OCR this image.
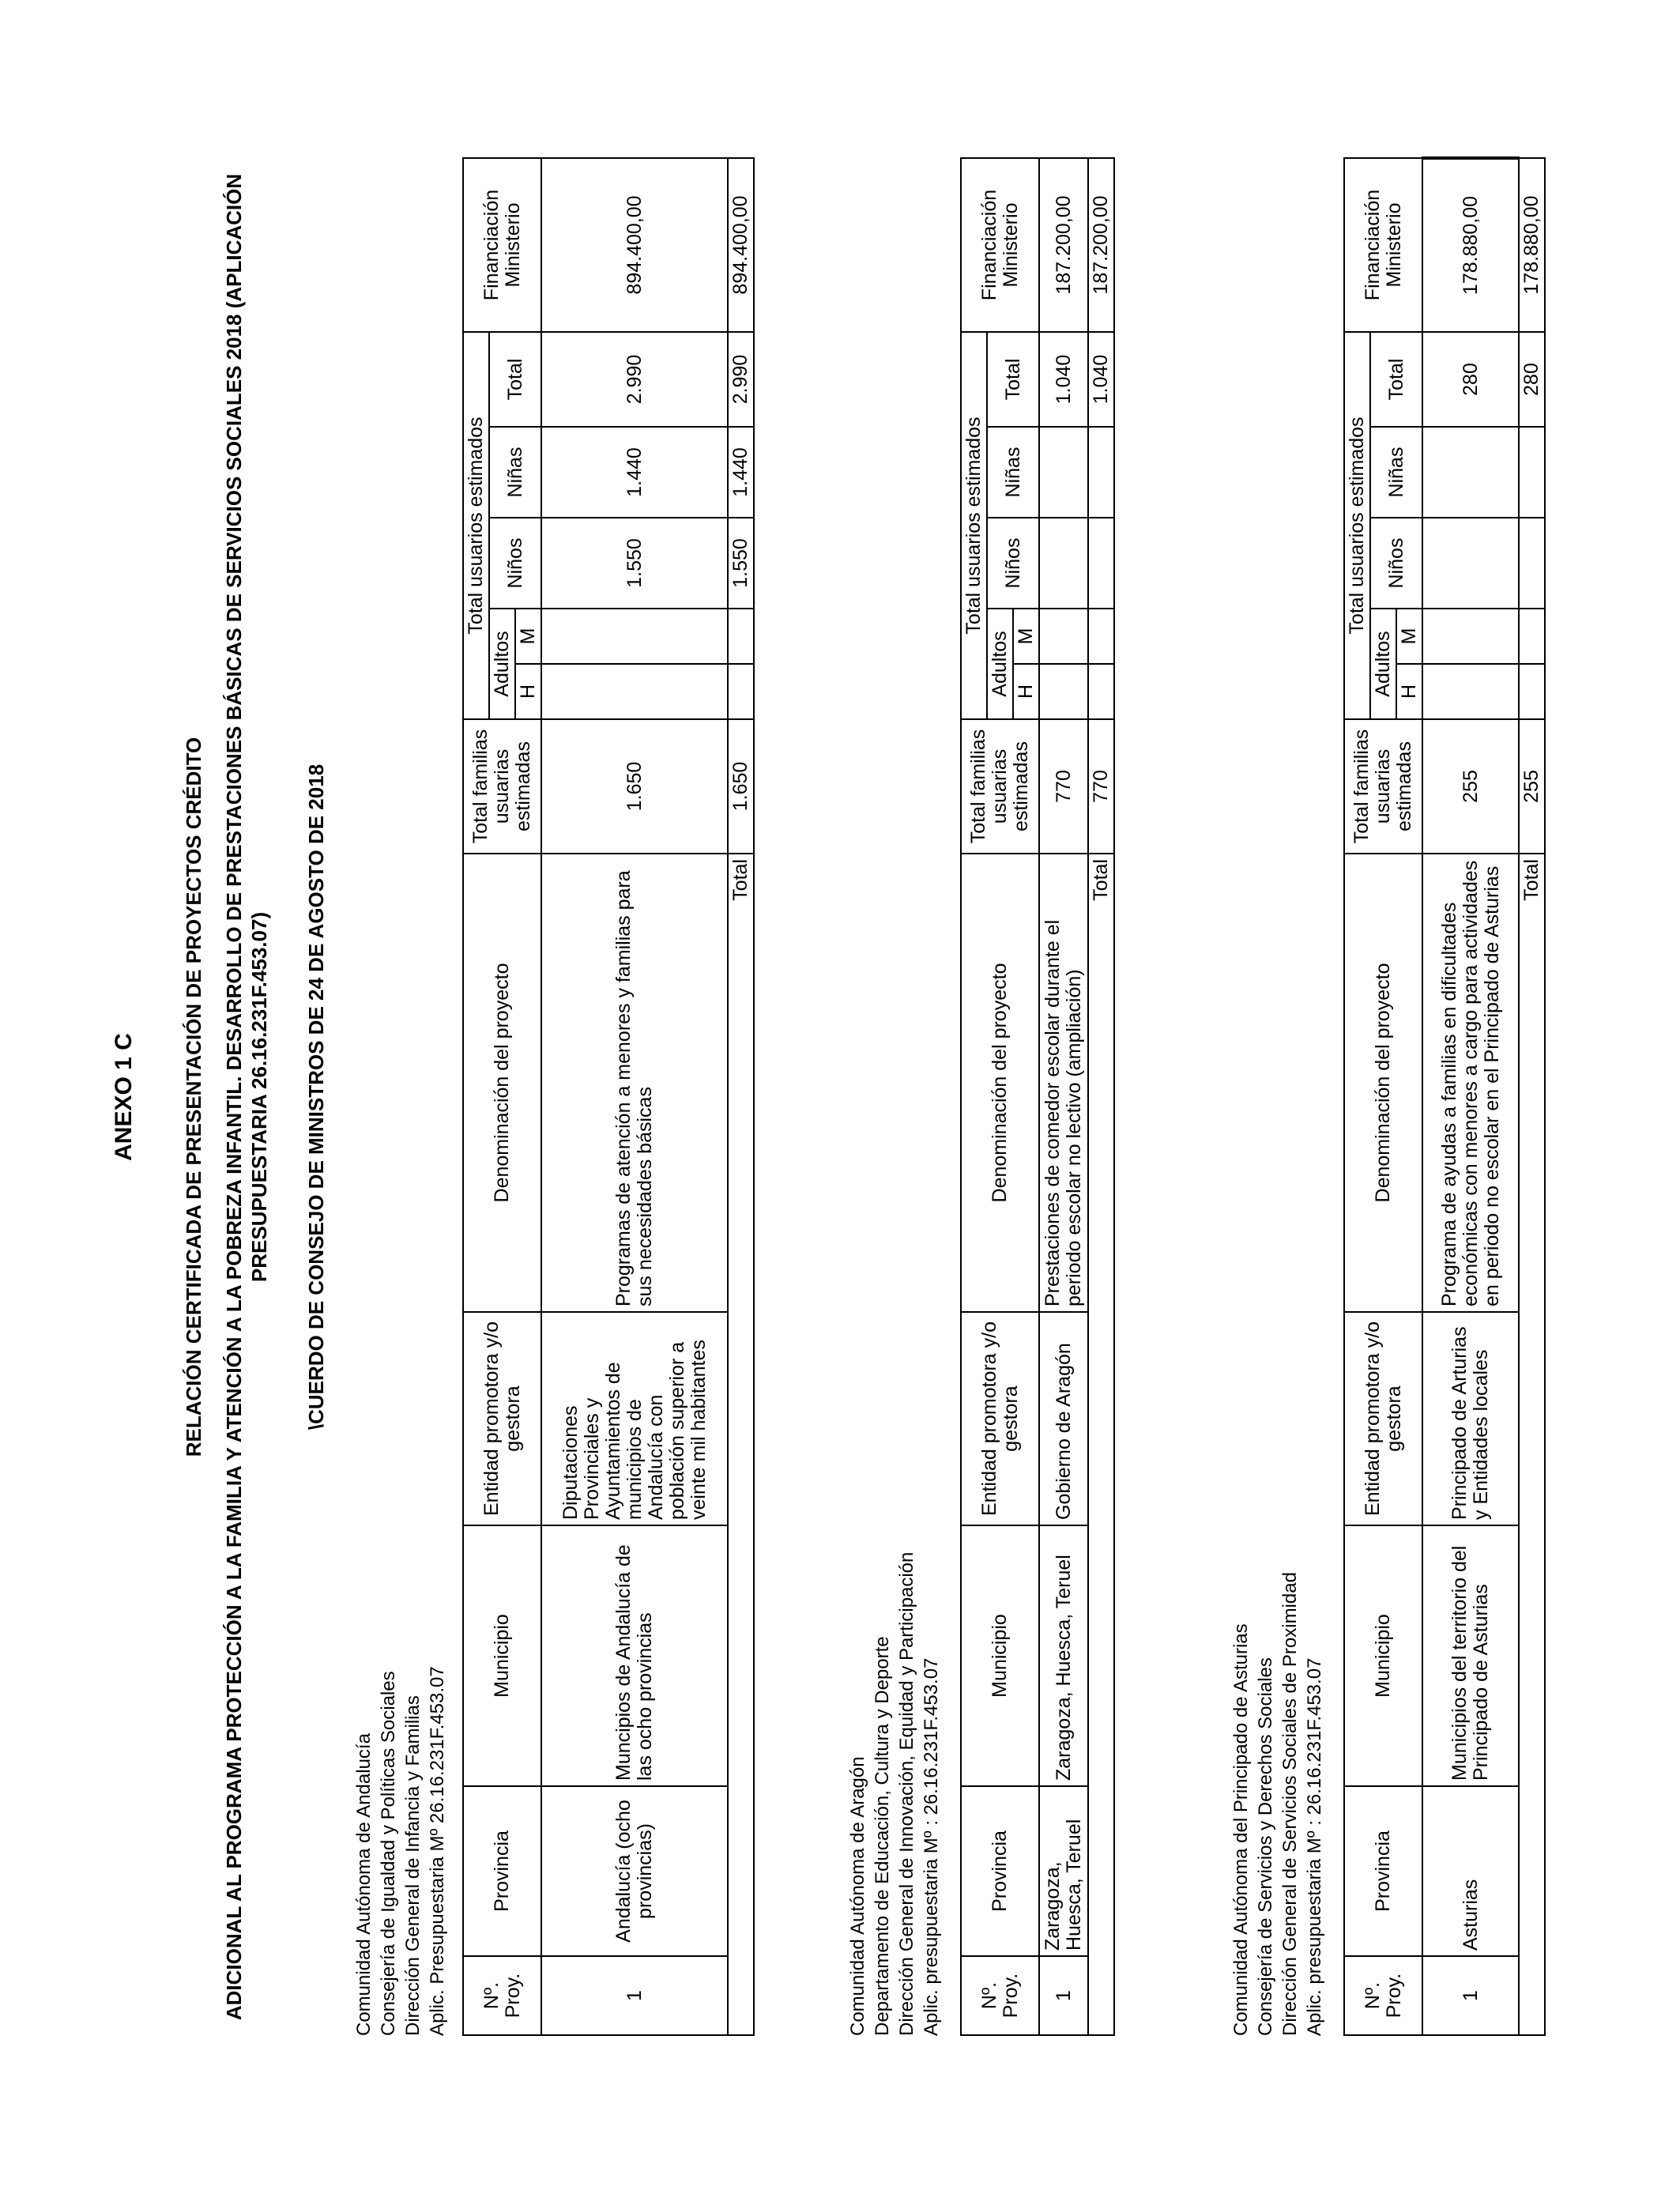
ANEXO 1 C RELACIÓN CERTIFICADA DE PRESENTACIÓN DE PROYECTOS CRÉDITO ADICIONAL AL PROGRAMA PROTECCIÓN A LA FAMILIA Y ATENCIÓN A LA POBREZA INFANTIL. DESARROLLO DE PRESTACIONES BÁSICAS DE SERVICIOS SOCIALES 2018 (APLICACIÓN PRESUPUESTARIA 26.16.231F.453.07) \CUERDO DE CONSEJO DE MINISTROS DE 24 DE AGOSTO DE 2018
Comunidad Autónoma de Andalucía Consejería de Igualdad y Políticas Sociales Dirección General de Infancia y Familias Aplic. Presupuestaria Mº 26.16.231F.453.07 Nº. Proy.	Provincia	Municipio	Entidad promotora y/o gestora	Denominación del proyecto	Total familias usuarias estimadas	Total usuarios estimados					Financiación Ministerio
						Adultos		Niños	Niñas	Total	
						H	M				
1	Andalucía (ocho provincias)	Muncipios de Andalucía de las ocho provincias	Diputaciones Provinciales y Ayuntamientos de municipios de Andalucía con población superior a veinte mil habitantes	Programas de atención a menores y familias para sus necesidades básicas	1.650			1.550	1.440	2.990	894.400,00
Total					1.650			1.550	1.440	2.990	894.400,00
Comunidad Autónoma de Aragón Departamento de Educación, Cultura y Deporte Dirección General de Innovación, Equidad y Participación Aplic. presupuestaria Mº : 26.16.231F.453.07 Nº. Proy.	Provincia	Municipio	Entidad promotora y/o gestora	Denominación del proyecto	Total familias usuarias estimadas	Total usuarios estimados					Financiación Ministerio
						Adultos		Niños	Niñas	Total	
						H	M				
1	Zaragoza, Huesca, Teruel	Zaragoza, Huesca, Teruel	Gobierno de Aragón	Prestaciones de comedor escolar durante el periodo escolar no lectivo (ampliación)	770					1.040	187.200,00
Total					770					1.040	187.200,00
Comunidad Autónoma del Principado de Asturias Consejería de Servicios y Derechos Sociales Dirección General de Servicios Sociales de Proximidad Aplic. presupuestaria Mº : 26.16.231F.453.07 Nº. Proy.	Provincia	Municipio	Entidad promotora y/o gestora	Denominación del proyecto	Total familias usuarias estimadas	Total usuarios estimados					Financiación Ministerio
						Adultos		Niños	Niñas	Total	
						H	M				
1	Asturias	Municipios del territorio del Principado de Asturias	Principado de Arturias y Entidades locales	Programa de ayudas a familias en dificultades económicas con menores a cargo para actividades en periodo no escolar en el Principado de Asturias	255					280	178.880,00
Total					255					280	178.880,00
